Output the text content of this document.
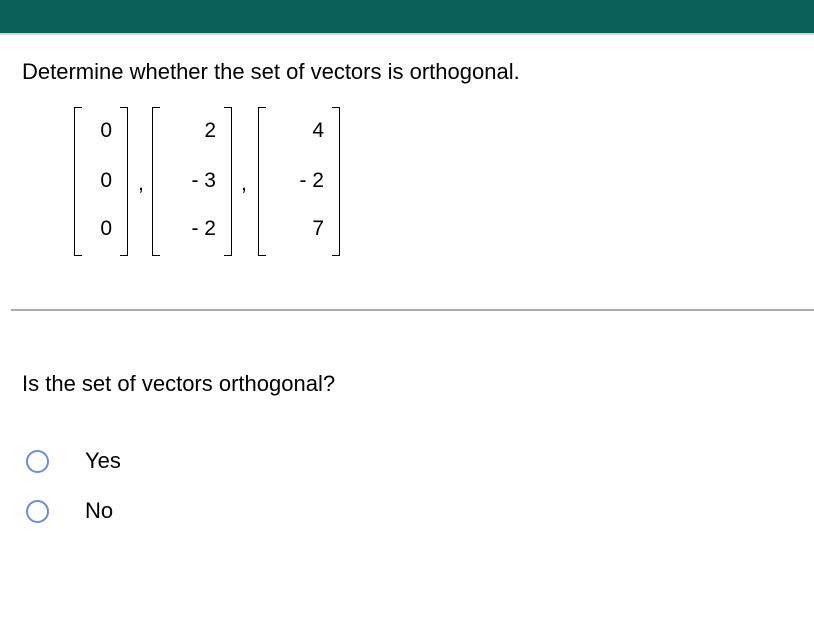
Determine whether the set of vectors is orthogonal.
0
0
0
,
2
- 3
- 2
,
4
- 2
7
Is the set of vectors orthogonal?
Yes
No
